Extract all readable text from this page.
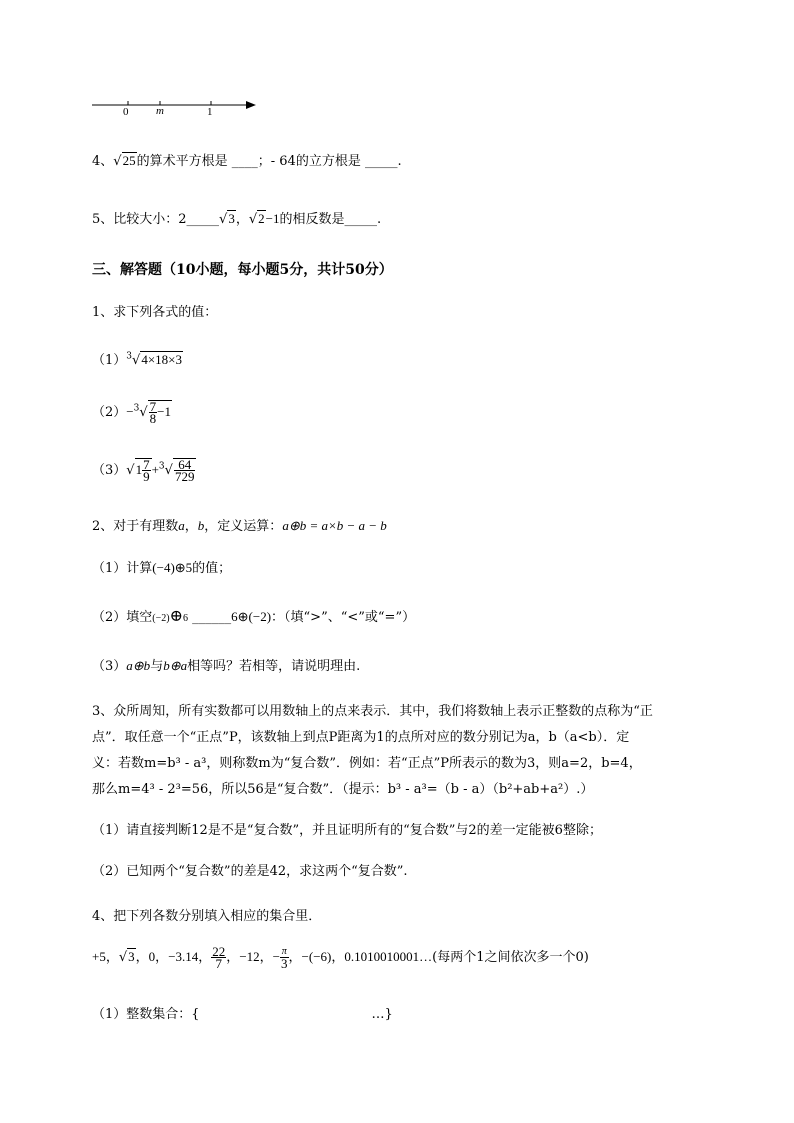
0	m	1
4、√25的算术平方根是 ____；- 64的立方根是 _____.
5、比较大小：2_____√3，√2−1的相反数是_____.
三、解答题（10小题，每小题5分，共计50分）
1、求下列各式的值：
$(1)^3√4\times 18\times 3$
$(2)-^3√ \frac{7}{8} -1$
$(3)√1 \frac{7}{9} +^3√ \frac{64}{729}$
2、对于有理数a，b，定义运算：a⊕b = a×b − a − b
（1）计算(−4)⊕5的值；
（2）填空(−2)⊕6 ______6⊕(−2)：（填“>”、“<”或“=”）
（3）a⊕b与b⊕a相等吗？若相等，请说明理由.
3、众所周知，所有实数都可以用数轴上的点来表示．其中，我们将数轴上表示正整数的点称为“正
点”．取任意一个“正点”P，该数轴上到点P距离为1的点所对应的数分别记为a，b（a<b）．定
义：若数m=b³ - a³，则称数m为“复合数”．例如：若“正点”P所表示的数为3，则a=2，b=4，
那么m=4³ - 2³=56，所以56是“复合数”．（提示：b³ - a³=（b - a）（b²+ab+a²）.）
（1）请直接判断12是不是“复合数”，并且证明所有的“复合数”与2的差一定能被6整除；
（2）已知两个“复合数”的差是42，求这两个“复合数”.
4、把下列各数分别填入相应的集合里．
+5，√3，0，−3.14， $\frac{22}{7}$ ，−12，− $\frac{\pi}{3}$ ，−(−6)，0.1010010001…(每两个1之间依次多一个0)
（1）整数集合：{	…}
